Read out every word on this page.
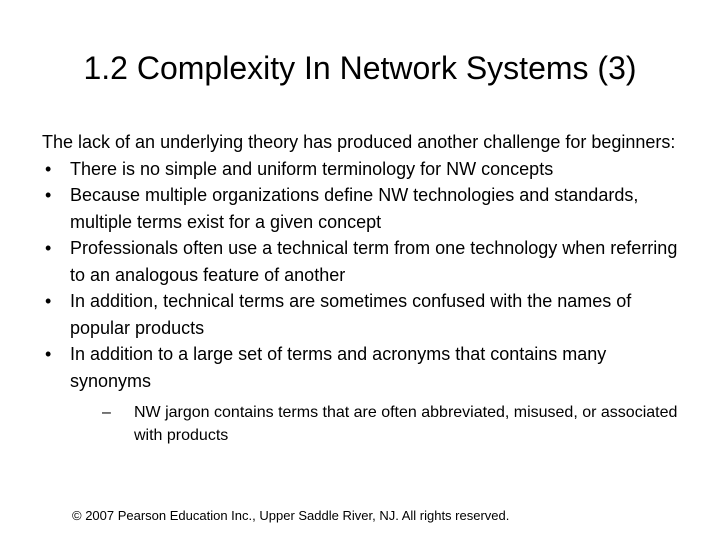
1.2 Complexity In Network Systems (3)

The lack of an underlying theory has produced another challenge for beginners:

• There is no simple and uniform terminology for NW concepts
• Because multiple organizations define NW technologies and standards, multiple terms exist for a given concept
• Professionals often use a technical term from one technology when referring to an analogous feature of another
• In addition, technical terms are sometimes confused with the names of popular products
• In addition to a large set of terms and acronyms that contains many synonyms
– NW jargon contains terms that are often abbreviated, misused, or associated with products
© 2007 Pearson Education Inc., Upper Saddle River, NJ. All rights reserved.
